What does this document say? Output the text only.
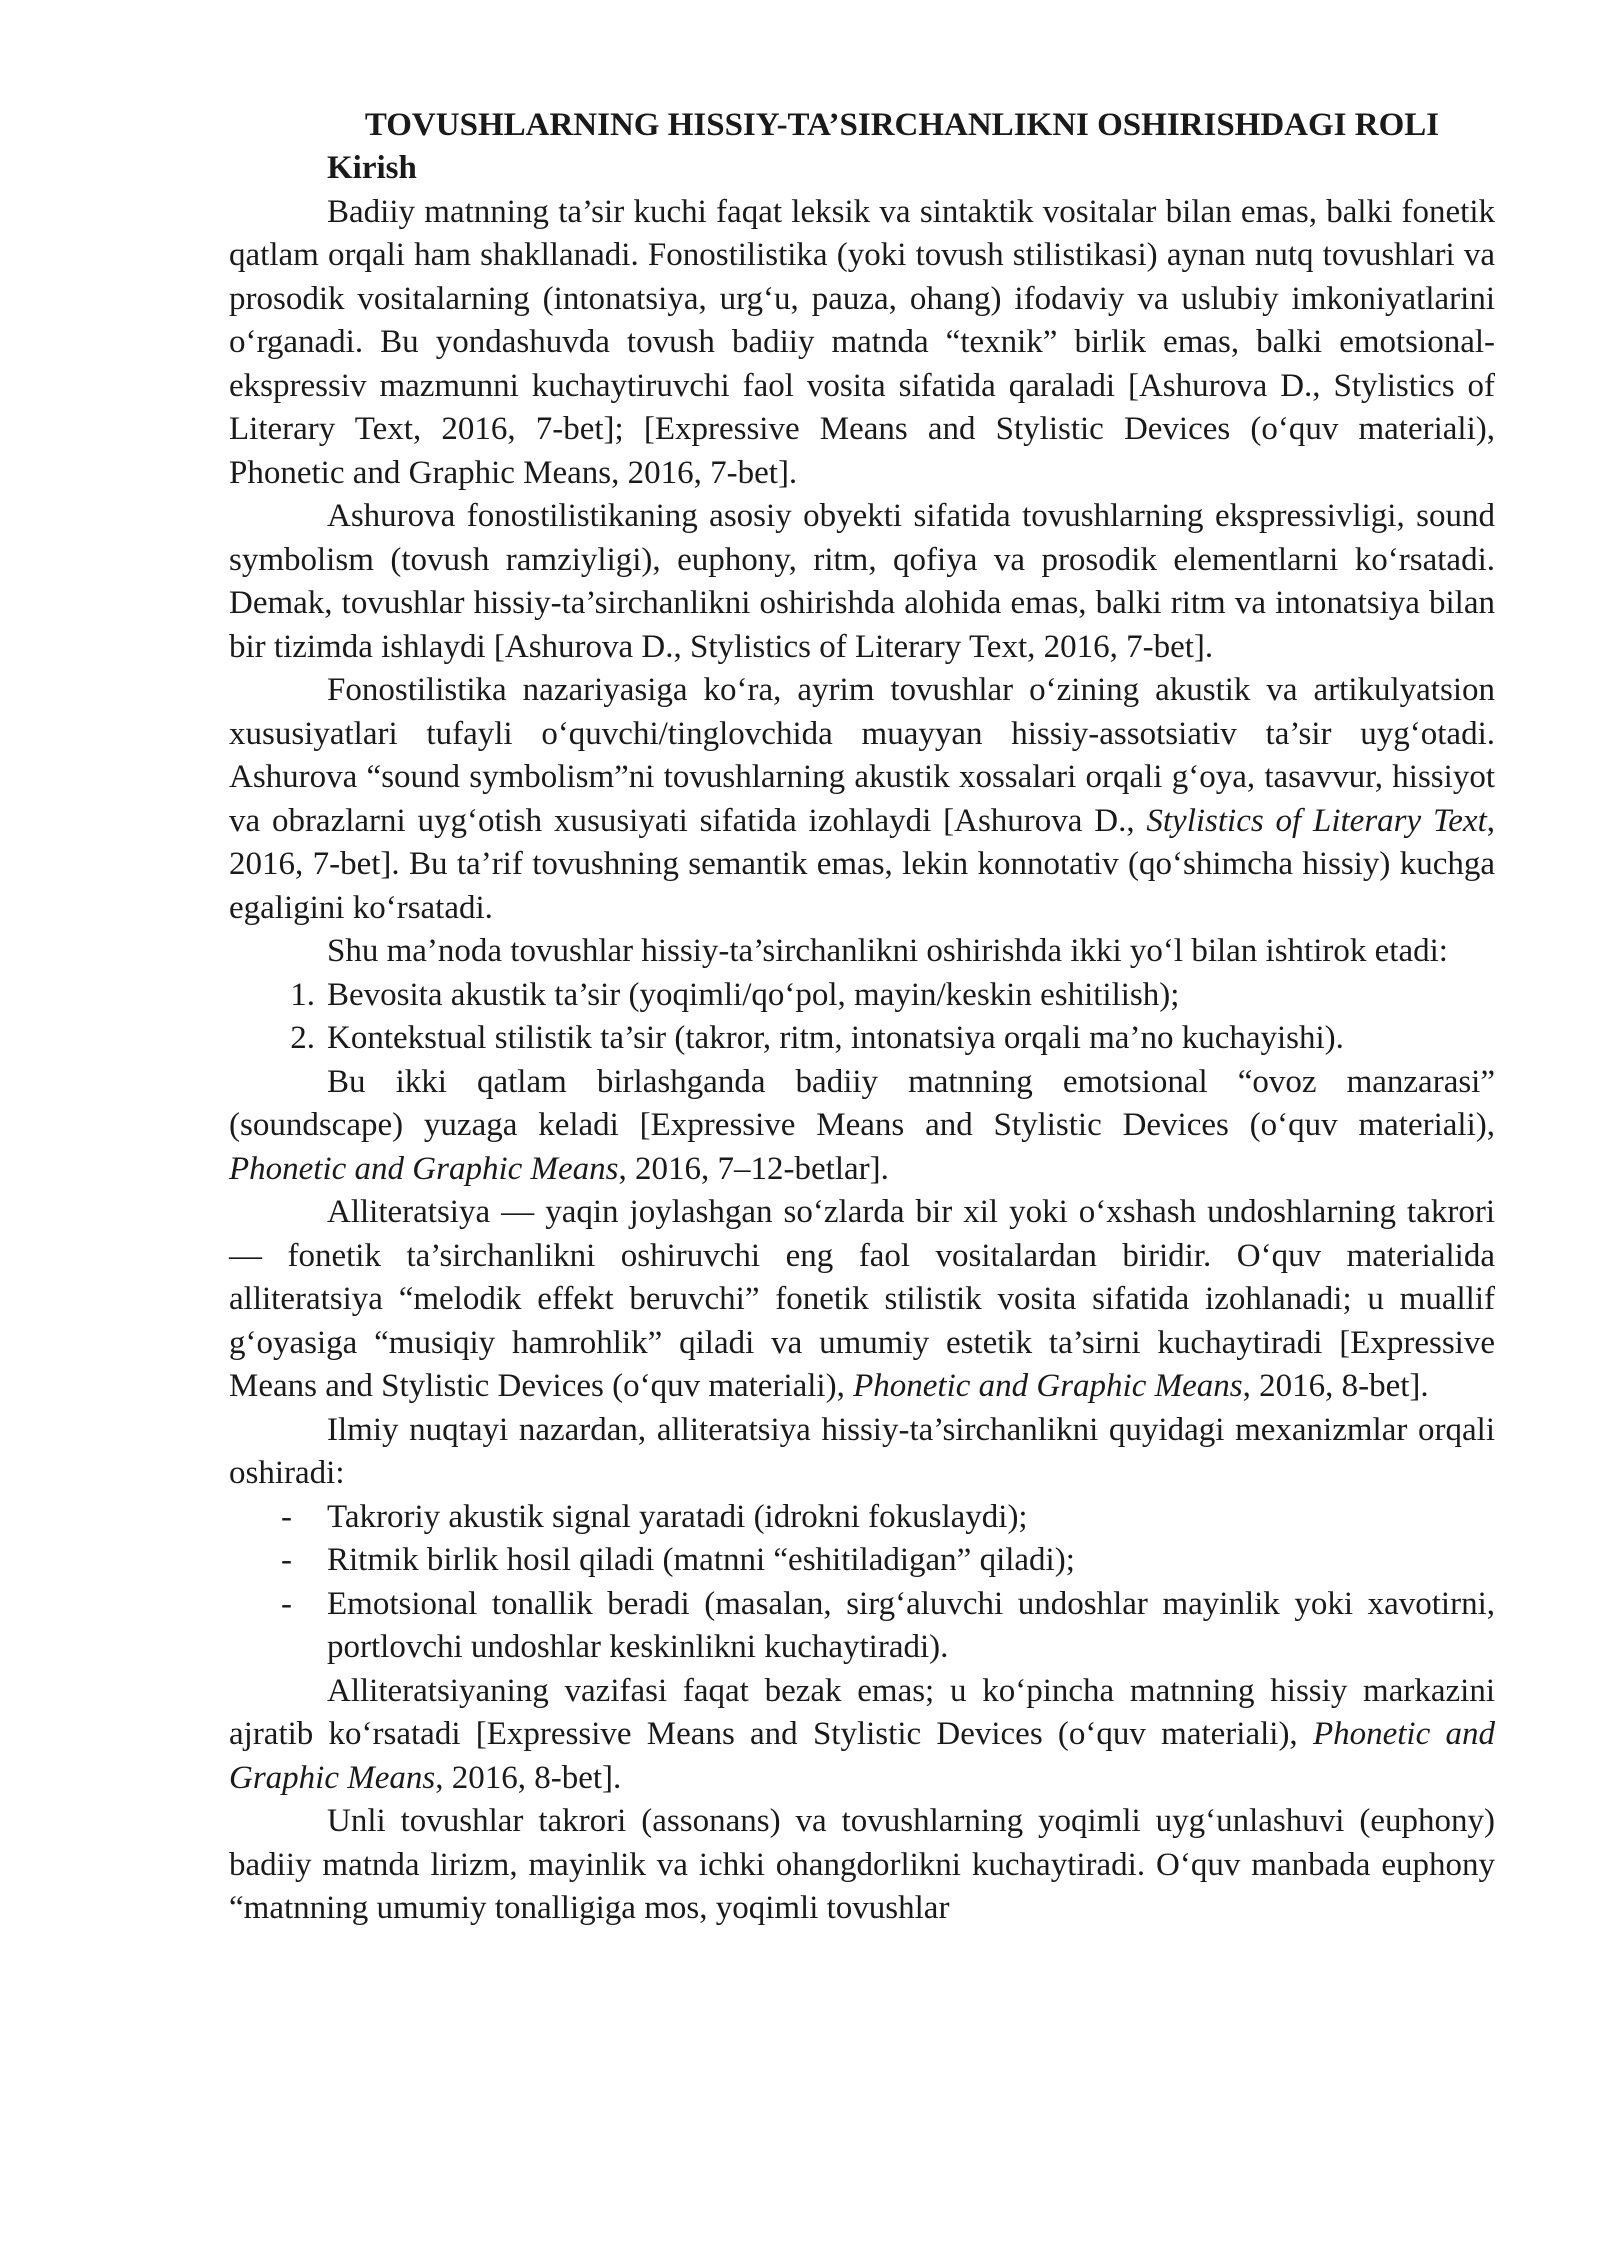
TOVUSHLARNING HISSIY-TA’SIRCHANLIKNI OSHIRISHDAGI ROLI
Kirish

Badiiy matnning ta’sir kuchi faqat leksik va sintaktik vositalar bilan emas, balki fonetik qatlam orqali ham shakllanadi. Fonostilistika (yoki tovush stilistikasi) aynan nutq tovushlari va prosodik vositalarning (intonatsiya, urg‘u, pauza, ohang) ifodaviy va uslubiy imkoniyatlarini o‘rganadi. Bu yondashuvda tovush badiiy matnda “texnik” birlik emas, balki emotsional-ekspressiv mazmunni kuchaytiruvchi faol vosita sifatida qaraladi [Ashurova D., Stylistics of Literary Text, 2016, 7-bet]; [Expressive Means and Stylistic Devices (o‘quv materiali), Phonetic and Graphic Means, 2016, 7-bet].

Ashurova fonostilistikaning asosiy obyekti sifatida tovushlarning ekspressivligi, sound symbolism (tovush ramziyligi), euphony, ritm, qofiya va prosodik elementlarni ko‘rsatadi. Demak, tovushlar hissiy-ta’sirchanlikni oshirishda alohida emas, balki ritm va intonatsiya bilan bir tizimda ishlaydi [Ashurova D., Stylistics of Literary Text, 2016, 7-bet].

Fonostilistika nazariyasiga ko‘ra, ayrim tovushlar o‘zining akustik va artikulyatsion xususiyatlari tufayli o‘quvchi/tinglovchida muayyan hissiy-assotsiativ ta’sir uyg‘otadi. Ashurova “sound symbolism”ni tovushlarning akustik xossalari orqali g‘oya, tasavvur, hissiyot va obrazlarni uyg‘otish xususiyati sifatida izohlaydi [Ashurova D., Stylistics of Literary Text, 2016, 7-bet]. Bu ta’rif tovushning semantik emas, lekin konnotativ (qo‘shimcha hissiy) kuchga egaligini ko‘rsatadi.

Shu ma’noda tovushlar hissiy-ta’sirchanlikni oshirishda ikki yo‘l bilan ishtirok etadi:

1. Bevosita akustik ta’sir (yoqimli/qo‘pol, mayin/keskin eshitilish);
2. Kontekstual stilistik ta’sir (takror, ritm, intonatsiya orqali ma’no kuchayishi).

Bu ikki qatlam birlashganda badiiy matnning emotsional “ovoz manzarasi” (soundscape) yuzaga keladi [Expressive Means and Stylistic Devices (o‘quv materiali), Phonetic and Graphic Means, 2016, 7–12-betlar].

Alliteratsiya — yaqin joylashgan so‘zlarda bir xil yoki o‘xshash undoshlarning takrori — fonetik ta’sirchanlikni oshiruvchi eng faol vositalardan biridir. O‘quv materialida alliteratsiya “melodik effekt beruvchi” fonetik stilistik vosita sifatida izohlanadi; u muallif g‘oyasiga “musiqiy hamrohlik” qiladi va umumiy estetik ta’sirni kuchaytiradi [Expressive Means and Stylistic Devices (o‘quv materiali), Phonetic and Graphic Means, 2016, 8-bet].

Ilmiy nuqtayi nazardan, alliteratsiya hissiy-ta’sirchanlikni quyidagi mexanizmlar orqali oshiradi:

-	Takroriy akustik signal yaratadi (idrokni fokuslaydi);
-	Ritmik birlik hosil qiladi (matnni “eshitiladigan” qiladi);
-	Emotsional tonallik beradi (masalan, sirg‘aluvchi undoshlar mayinlik yoki xavotirni, portlovchi undoshlar keskinlikni kuchaytiradi).

Alliteratsiyaning vazifasi faqat bezak emas; u ko‘pincha matnning hissiy markazini ajratib ko‘rsatadi [Expressive Means and Stylistic Devices (o‘quv materiali), Phonetic and Graphic Means, 2016, 8-bet].

Unli tovushlar takrori (assonans) va tovushlarning yoqimli uyg‘unlashuvi (euphony) badiiy matnda lirizm, mayinlik va ichki ohangdorlikni kuchaytiradi. O‘quv manbada euphony “matnning umumiy tonalligiga mos, yoqimli tovushlar
